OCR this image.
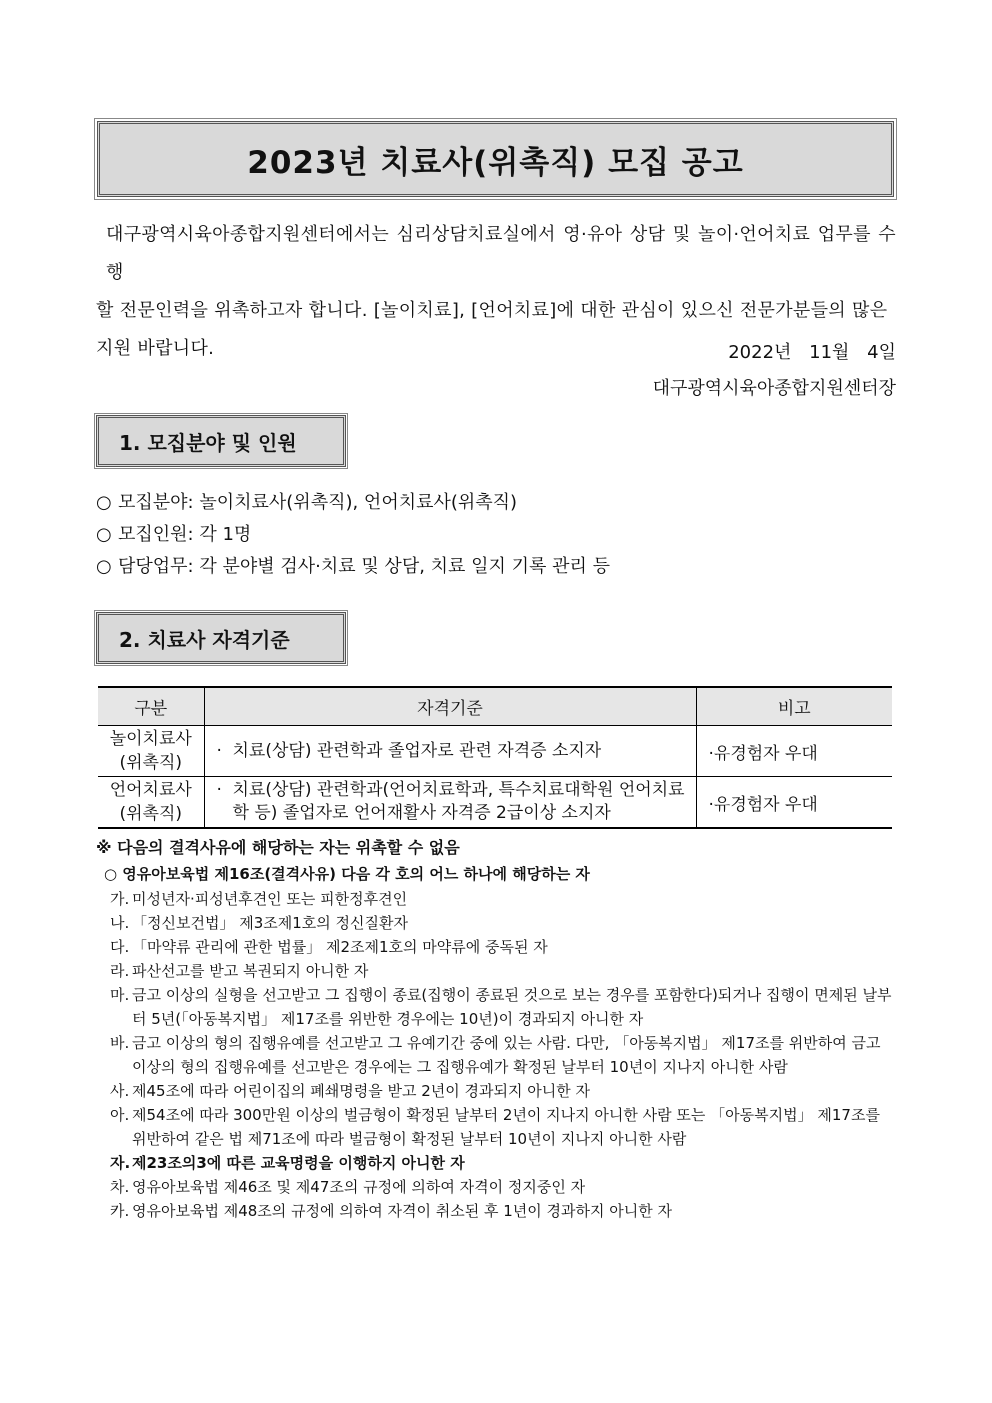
2023년 치료사(위촉직) 모집 공고

대구광역시육아종합지원센터에서는 심리상담치료실에서 영·유아 상담 및 놀이·언어치료 업무를 수행

할 전문인력을 위촉하고자 합니다. [놀이치료], [언어치료]에 대한 관심이 있으신 전문가분들의 많은

지원 바랍니다.	2022년 11월 4일
대구광역시육아종합지원센터장
1. 모집분야 및 인원
○ 모집분야: 놀이치료사(위촉직), 언어치료사(위촉직)
○ 모집인원: 각 1명
○ 담당업무: 각 분야별 검사·치료 및 상담, 치료 일지 기록 관리 등
2. 치료사 자격기준
구분	자격기준	비고
놀이치료사
(위촉직)	· 치료(상담) 관련학과 졸업자로 관련 자격증 소지자	·유경험자 우대
언어치료사
(위촉직)	· 치료(상담) 관련학과(언어치료학과, 특수치료대학원 언어치료학 등) 졸업자로 언어재활사 자격증 2급이상 소지자	·유경험자 우대
※ 다음의 결격사유에 해당하는 자는 위촉할 수 없음
○ 영유아보육법 제16조(결격사유) 다음 각 호의 어느 하나에 해당하는 자
가. 미성년자·피성년후견인 또는 피한정후견인
나. 「정신보건법」 제3조제1호의 정신질환자
다. 「마약류 관리에 관한 법률」 제2조제1호의 마약류에 중독된 자
라. 파산선고를 받고 복권되지 아니한 자
마. 금고 이상의 실형을 선고받고 그 집행이 종료(집행이 종료된 것으로 보는 경우를 포함한다)되거나 집행이 면제된 날부터 5년(「아동복지법」 제17조를 위반한 경우에는 10년)이 경과되지 아니한 자
바. 금고 이상의 형의 집행유예를 선고받고 그 유예기간 중에 있는 사람. 다만, 「아동복지법」 제17조를 위반하여 금고 이상의 형의 집행유예를 선고받은 경우에는 그 집행유예가 확정된 날부터 10년이 지나지 아니한 사람
사. 제45조에 따라 어린이집의 폐쇄명령을 받고 2년이 경과되지 아니한 자
아. 제54조에 따라 300만원 이상의 벌금형이 확정된 날부터 2년이 지나지 아니한 사람 또는 「아동복지법」 제17조를 위반하여 같은 법 제71조에 따라 벌금형이 확정된 날부터 10년이 지나지 아니한 사람
자. 제23조의3에 따른 교육명령을 이행하지 아니한 자
차. 영유아보육법 제46조 및 제47조의 규정에 의하여 자격이 정지중인 자
카. 영유아보육법 제48조의 규정에 의하여 자격이 취소된 후 1년이 경과하지 아니한 자
